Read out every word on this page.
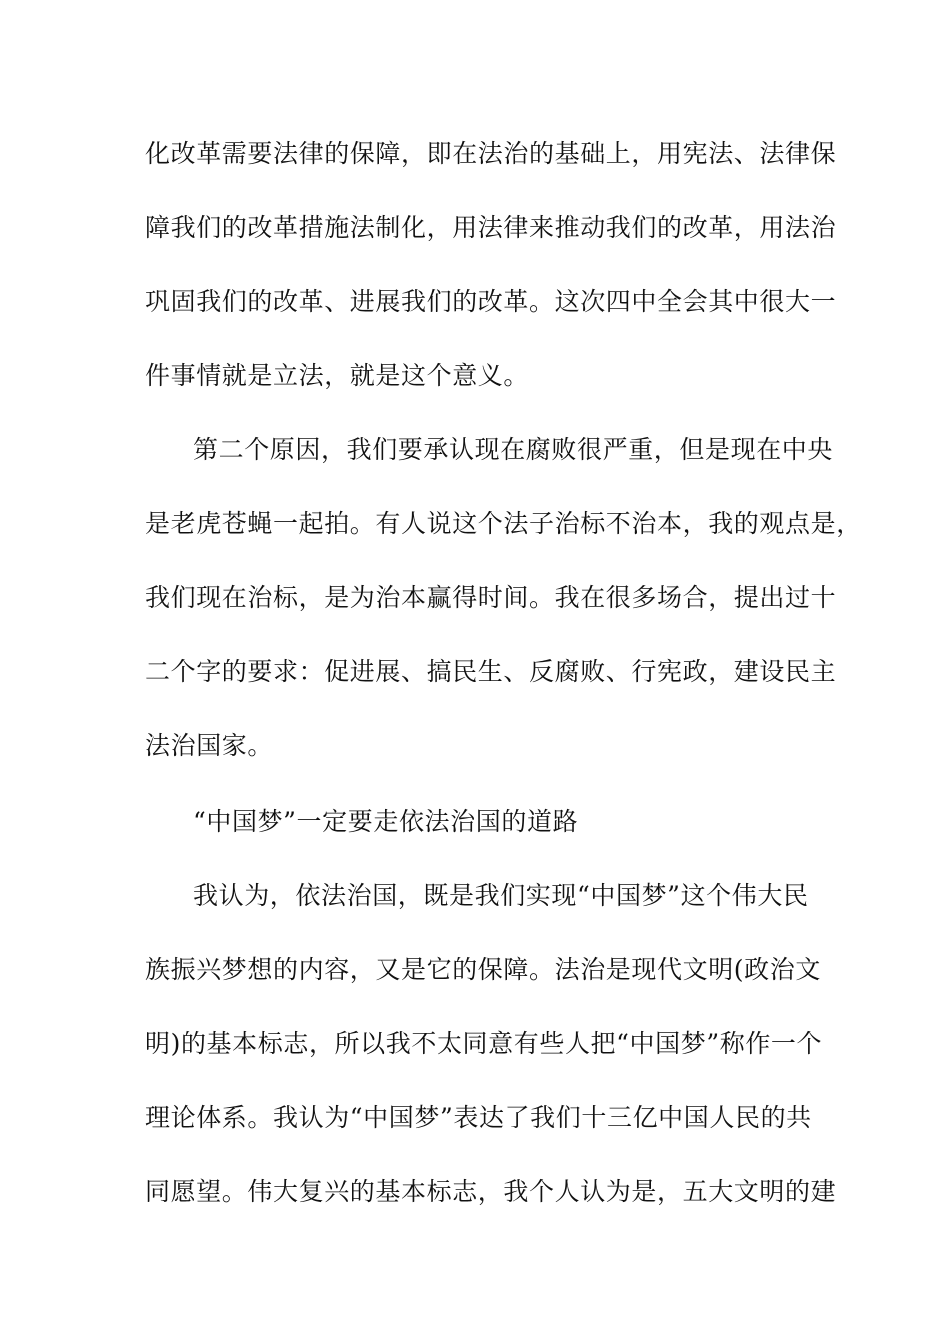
化改革需要法律的保障，即在法治的基础上，用宪法、法律保
障我们的改革措施法制化，用法律来推动我们的改革，用法治
巩固我们的改革、进展我们的改革。这次四中全会其中很大一
件事情就是立法，就是这个意义。
第二个原因，我们要承认现在腐败很严重，但是现在中央
是老虎苍蝇一起拍。有人说这个法子治标不治本，我的观点是，
我们现在治标，是为治本赢得时间。我在很多场合，提出过十
二个字的要求：促进展、搞民生、反腐败、行宪政，建设民主
法治国家。
“中国梦”一定要走依法治国的道路
我认为，依法治国，既是我们实现“中国梦”这个伟大民
族振兴梦想的内容，又是它的保障。法治是现代文明(政治文
明)的基本标志，所以我不太同意有些人把“中国梦”称作一个
理论体系。我认为“中国梦”表达了我们十三亿中国人民的共
同愿望。伟大复兴的基本标志，我个人认为是，五大文明的建
